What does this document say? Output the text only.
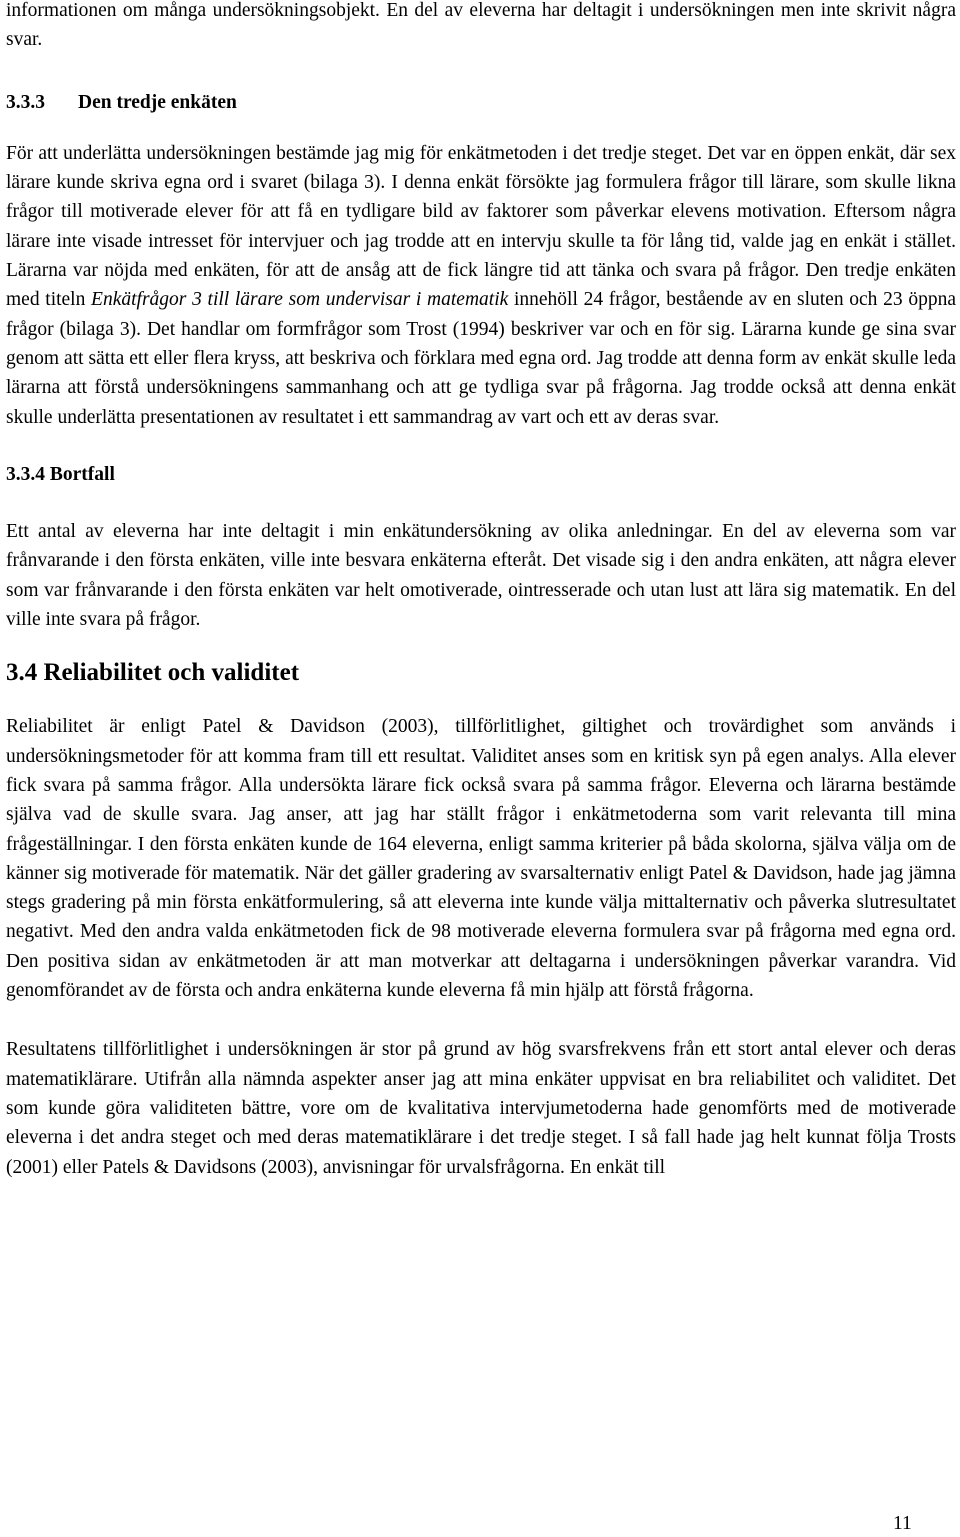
informationen om många undersökningsobjekt. En del av eleverna har deltagit i undersökningen men inte skrivit några svar.

3.3.3 Den tredje enkäten

För att underlätta undersökningen bestämde jag mig för enkätmetoden i det tredje steget. Det var en öppen enkät, där sex lärare kunde skriva egna ord i svaret (bilaga 3). I denna enkät försökte jag formulera frågor till lärare, som skulle likna frågor till motiverade elever för att få en tydligare bild av faktorer som påverkar elevens motivation. Eftersom några lärare inte visade intresset för intervjuer och jag trodde att en intervju skulle ta för lång tid, valde jag en enkät i stället. Lärarna var nöjda med enkäten, för att de ansåg att de fick längre tid att tänka och svara på frågor. Den tredje enkäten med titeln Enkätfrågor 3 till lärare som undervisar i matematik innehöll 24 frågor, bestående av en sluten och 23 öppna frågor (bilaga 3). Det handlar om formfrågor som Trost (1994) beskriver var och en för sig. Lärarna kunde ge sina svar genom att sätta ett eller flera kryss, att beskriva och förklara med egna ord. Jag trodde att denna form av enkät skulle leda lärarna att förstå undersökningens sammanhang och att ge tydliga svar på frågorna. Jag trodde också att denna enkät skulle underlätta presentationen av resultatet i ett sammandrag av vart och ett av deras svar.

3.3.4 Bortfall

Ett antal av eleverna har inte deltagit i min enkätundersökning av olika anledningar. En del av eleverna som var frånvarande i den första enkäten, ville inte besvara enkäterna efteråt. Det visade sig i den andra enkäten, att några elever som var frånvarande i den första enkäten var helt omotiverade, ointresserade och utan lust att lära sig matematik. En del ville inte svara på frågor.

3.4 Reliabilitet och validitet

Reliabilitet är enligt Patel & Davidson (2003), tillförlitlighet, giltighet och trovärdighet som används i undersökningsmetoder för att komma fram till ett resultat. Validitet anses som en kritisk syn på egen analys. Alla elever fick svara på samma frågor. Alla undersökta lärare fick också svara på samma frågor. Eleverna och lärarna bestämde själva vad de skulle svara. Jag anser, att jag har ställt frågor i enkätmetoderna som varit relevanta till mina frågeställningar. I den första enkäten kunde de 164 eleverna, enligt samma kriterier på båda skolorna, själva välja om de känner sig motiverade för matematik. När det gäller gradering av svarsalternativ enligt Patel & Davidson, hade jag jämna stegs gradering på min första enkätformulering, så att eleverna inte kunde välja mittalternativ och påverka slutresultatet negativt. Med den andra valda enkätmetoden fick de 98 motiverade eleverna formulera svar på frågorna med egna ord. Den positiva sidan av enkätmetoden är att man motverkar att deltagarna i undersökningen påverkar varandra. Vid genomförandet av de första och andra enkäterna kunde eleverna få min hjälp att förstå frågorna.

Resultatens tillförlitlighet i undersökningen är stor på grund av hög svarsfrekvens från ett stort antal elever och deras matematiklärare. Utifrån alla nämnda aspekter anser jag att mina enkäter uppvisat en bra reliabilitet och validitet. Det som kunde göra validiteten bättre, vore om de kvalitativa intervjumetoderna hade genomförts med de motiverade eleverna i det andra steget och med deras matematiklärare i det tredje steget. I så fall hade jag helt kunnat följa Trosts (2001) eller Patels & Davidsons (2003), anvisningar för urvalsfrågorna. En enkät till

11
